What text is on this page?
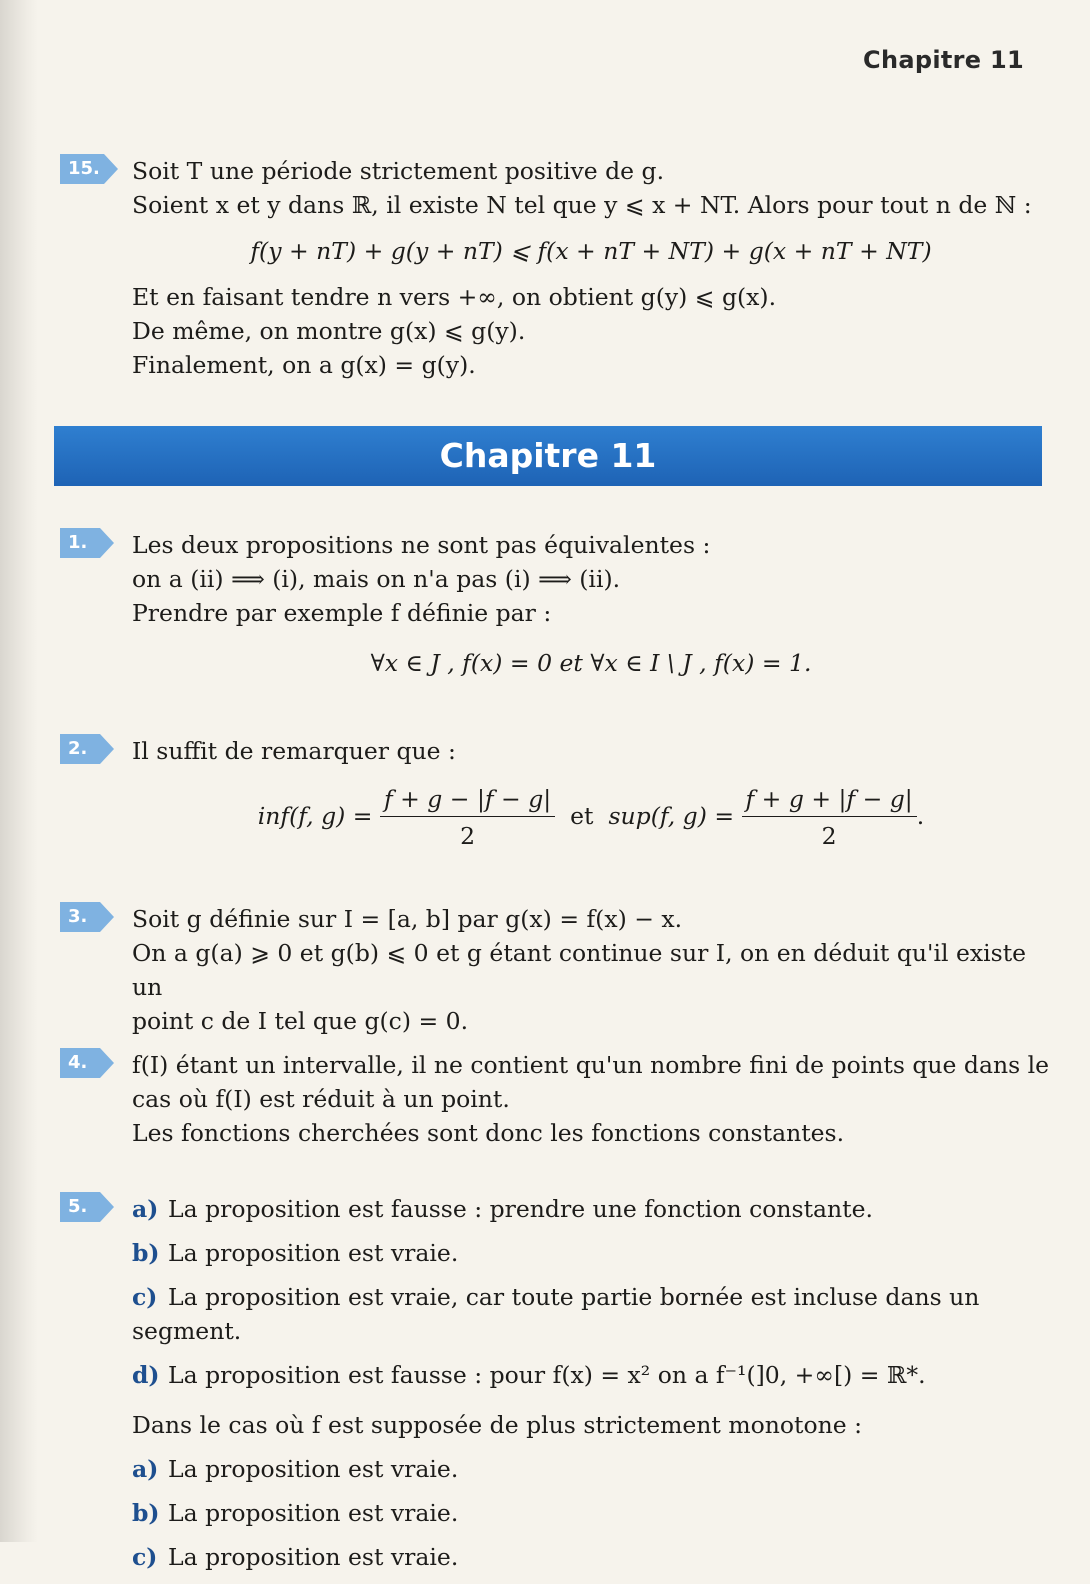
Chapitre 11
15.	Soit T une période strictement positive de g.

Soient x et y dans ℝ, il existe N tel que y ⩽ x + NT. Alors pour tout n de ℕ :

f(y + nT) + g(y + nT) ⩽ f(x + nT + NT) + g(x + nT + NT)

Et en faisant tendre n vers +∞, on obtient g(y) ⩽ g(x).

De même, on montre g(x) ⩽ g(y).

Finalement, on a g(x) = g(y).

Chapitre 11
1.	Les deux propositions ne sont pas équivalentes :

on a (ii) ⟹ (i), mais on n'a pas (i) ⟹ (ii).

Prendre par exemple f définie par :

∀x ∈ J , f(x) = 0 et ∀x ∈ I \ J , f(x) = 1.
2.	Il suffit de remarquer que :

inf(f, $g) = \frac{f + g - |f - g|}{2}$ et sup(f, $g) = \frac{f + g + |f - g|}{2}$ .
3.	Soit g définie sur I = [a, b] par g(x) = f(x) − x.

On a g(a) ⩾ 0 et g(b) ⩽ 0 et g étant continue sur I, on en déduit qu'il existe un

point c de I tel que g(c) = 0.

4.	f(I) étant un intervalle, il ne contient qu'un nombre fini de points que dans le

cas où f(I) est réduit à un point.

Les fonctions cherchées sont donc les fonctions constantes.

5.	a) La proposition est fausse : prendre une fonction constante.
b) La proposition est vraie.
c) La proposition est vraie, car toute partie bornée est incluse dans un segment.
d) La proposition est fausse : pour f(x) = x² on a f⁻¹(]0, +∞[) = ℝ*.

Dans le cas où f est supposée de plus strictement monotone :

a) La proposition est vraie.
b) La proposition est vraie.
c) La proposition est vraie.
